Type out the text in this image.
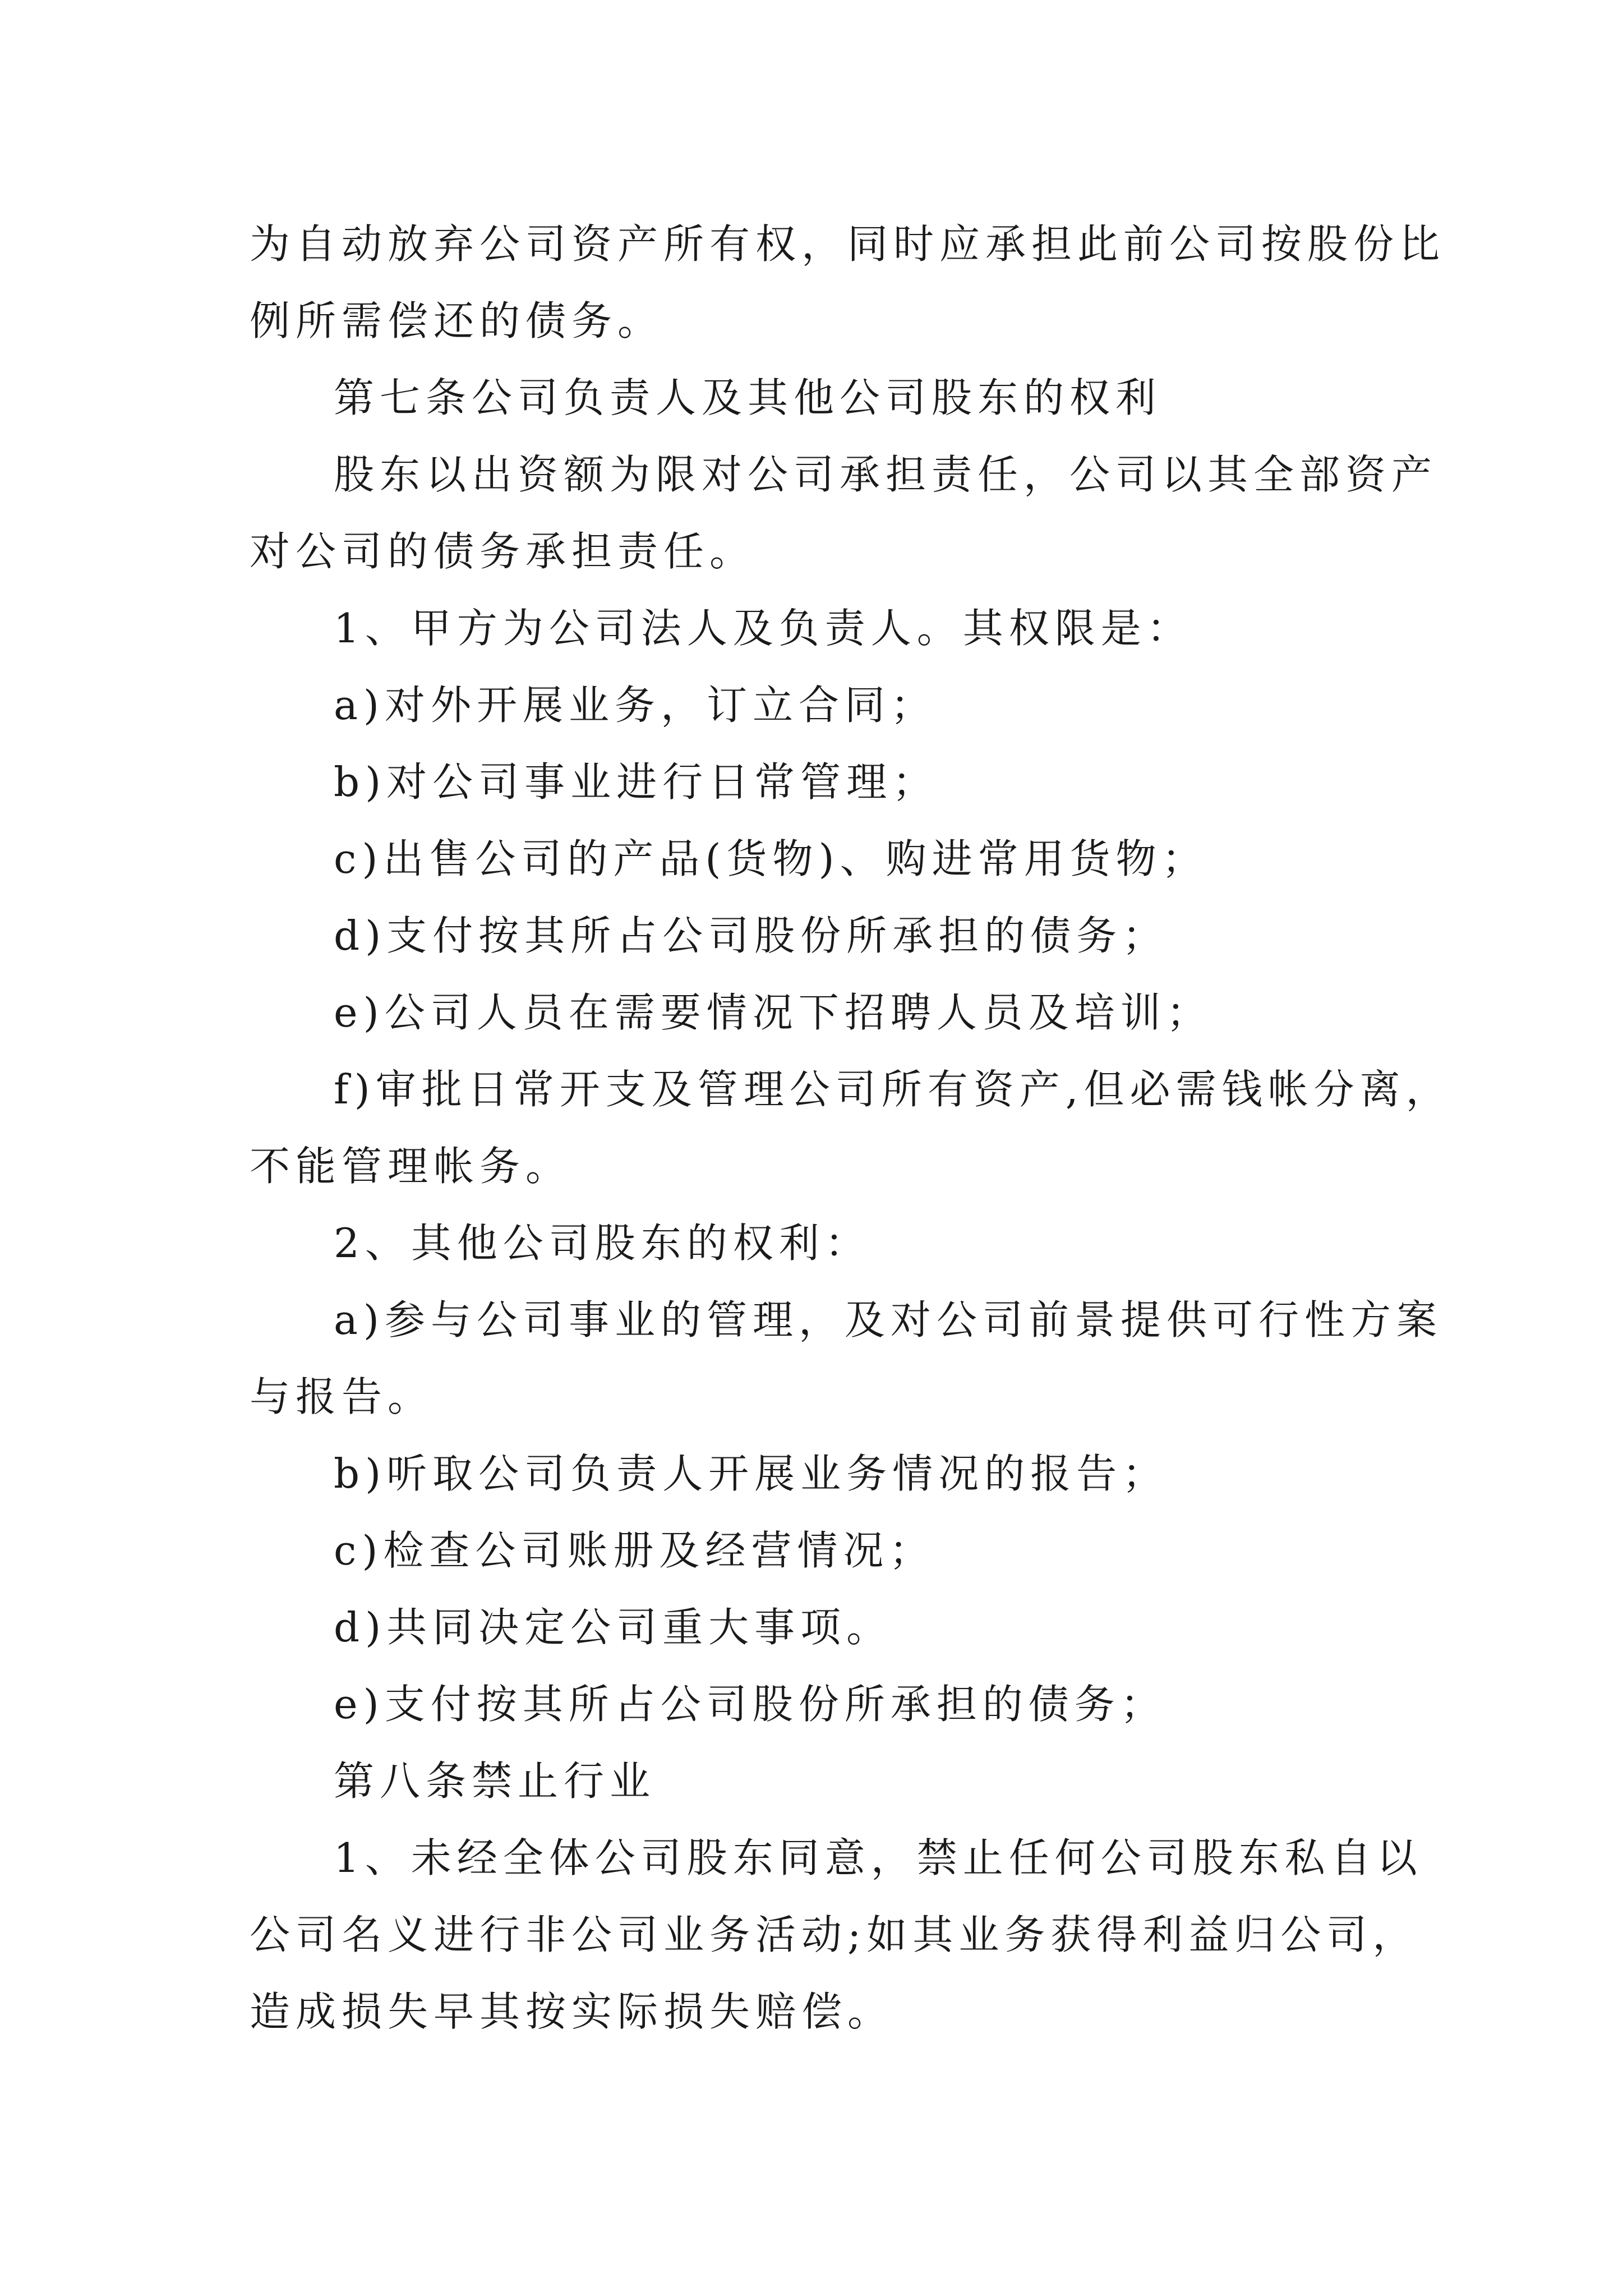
为自动放弃公司资产所有权，同时应承担此前公司按股份比
例所需偿还的债务。
第七条公司负责人及其他公司股东的权利
股东以出资额为限对公司承担责任，公司以其全部资产
对公司的债务承担责任。
1、甲方为公司法人及负责人。其权限是：
a)对外开展业务，订立合同；
b)对公司事业进行日常管理；
c)出售公司的产品(货物)、购进常用货物；
d)支付按其所占公司股份所承担的债务；
e)公司人员在需要情况下招聘人员及培训；
f)审批日常开支及管理公司所有资产,但必需钱帐分离，
不能管理帐务。
2、其他公司股东的权利：
a)参与公司事业的管理，及对公司前景提供可行性方案
与报告。
b)听取公司负责人开展业务情况的报告；
c)检查公司账册及经营情况；
d)共同决定公司重大事项。
e)支付按其所占公司股份所承担的债务；
第八条禁止行业
1、未经全体公司股东同意，禁止任何公司股东私自以
公司名义进行非公司业务活动;如其业务获得利益归公司，
造成损失早其按实际损失赔偿。
